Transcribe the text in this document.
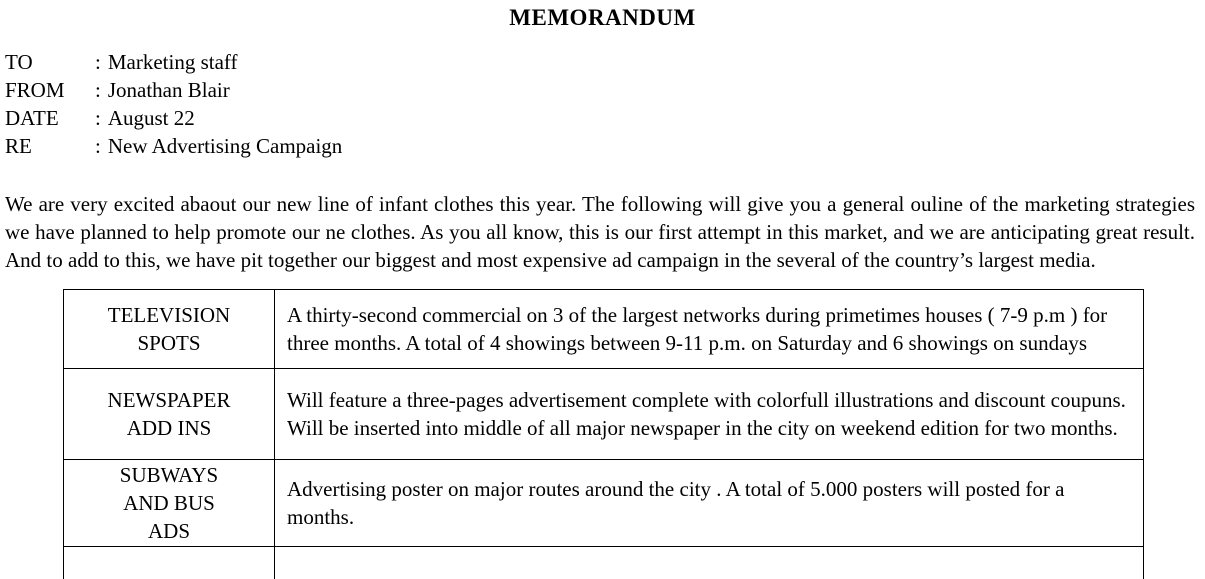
MEMORANDUM
TO	: Marketing staff
FROM : Jonathan Blair
DATE : August 22
RE	: New Advertising Campaign
We are very excited abaout our new line of infant clothes this year. The following will give you a general ouline of the marketing strategies we have planned to help promote our ne clothes. As you all know, this is our first attempt in this market, and we are anticipating great result. And to add to this, we have pit together our biggest and most expensive ad campaign in the several of the country’s largest media.
TELEVISION
SPOTS	A thirty-second commercial on 3 of the largest networks during primetimes houses ( 7-9 p.m ) for three months. A total of 4 showings between 9-11 p.m. on Saturday and 6 showings on sundays

NEWSPAPER
ADD INS	Will feature a three-pages advertisement complete with colorfull illustrations and discount coupuns. Will be inserted into middle of all major newspaper in the city on weekend edition for two months.

SUBWAYS
AND BUS
ADS	Advertising poster on major routes around the city . A total of 5.000 posters will posted for a months.
